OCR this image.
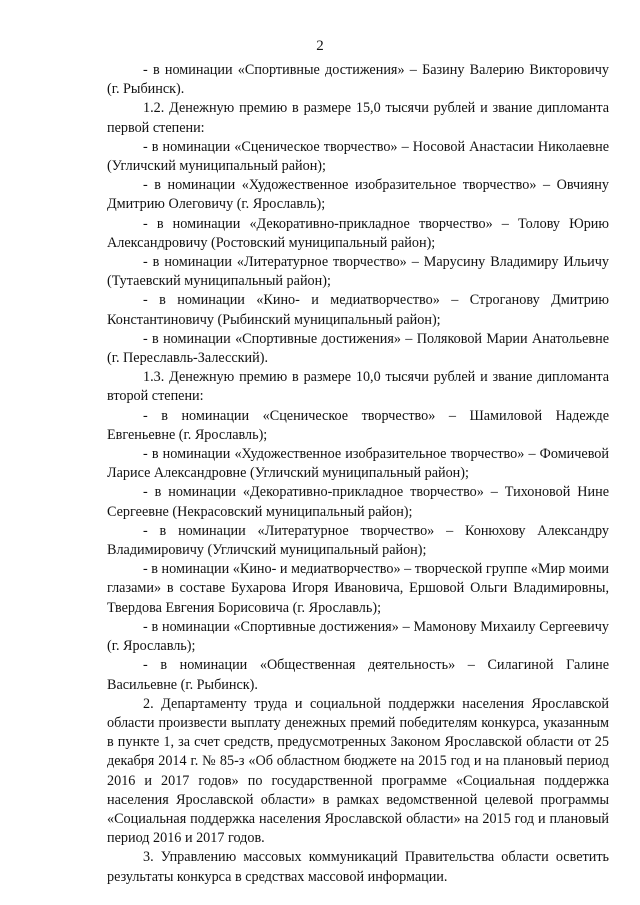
2

- в номинации «Спортивные достижения» – Базину Валерию Викторовичу (г. Рыбинск).

1.2. Денежную премию в размере 15,0 тысячи рублей и звание дипломанта первой степени:

- в номинации «Сценическое творчество» – Носовой Анастасии Николаевне (Угличский муниципальный район);

- в номинации «Художественное изобразительное творчество» – Овчияну Дмитрию Олеговичу (г. Ярославль);

- в номинации «Декоративно-прикладное творчество» – Толову Юрию Александровичу (Ростовский муниципальный район);

- в номинации «Литературное творчество» – Марусину Владимиру Ильичу (Тутаевский муниципальный район);

- в номинации «Кино- и медиатворчество» – Строганову Дмитрию Константиновичу (Рыбинский муниципальный район);

- в номинации «Спортивные достижения» – Поляковой Марии Анатольевне (г. Переславль-Залесский).

1.3. Денежную премию в размере 10,0 тысячи рублей и звание дипломанта второй степени:

- в номинации «Сценическое творчество» – Шамиловой Надежде Евгеньевне (г. Ярославль);

- в номинации «Художественное изобразительное творчество» – Фомичевой Ларисе Александровне (Угличский муниципальный район);

- в номинации «Декоративно-прикладное творчество» – Тихоновой Нине Сергеевне (Некрасовский муниципальный район);

- в номинации «Литературное творчество» – Конюхову Александру Владимировичу (Угличский муниципальный район);

- в номинации «Кино- и медиатворчество» – творческой группе «Мир моими глазами» в составе Бухарова Игоря Ивановича, Ершовой Ольги Владимировны, Твердова Евгения Борисовича (г. Ярославль);

- в номинации «Спортивные достижения» – Мамонову Михаилу Сергеевичу (г. Ярославль);

- в номинации «Общественная деятельность» – Силагиной Галине Васильевне (г. Рыбинск).

2. Департаменту труда и социальной поддержки населения Ярославской области произвести выплату денежных премий победителям конкурса, указанным в пункте 1, за счет средств, предусмотренных Законом Ярославской области от 25 декабря 2014 г. № 85-з «Об областном бюджете на 2015 год и на плановый период 2016 и 2017 годов» по государственной программе «Социальная поддержка населения Ярославской области» в рамках ведомственной целевой программы «Социальная поддержка населения Ярославской области» на 2015 год и плановый период 2016 и 2017 годов.

3. Управлению массовых коммуникаций Правительства области осветить результаты конкурса в средствах массовой информации.
